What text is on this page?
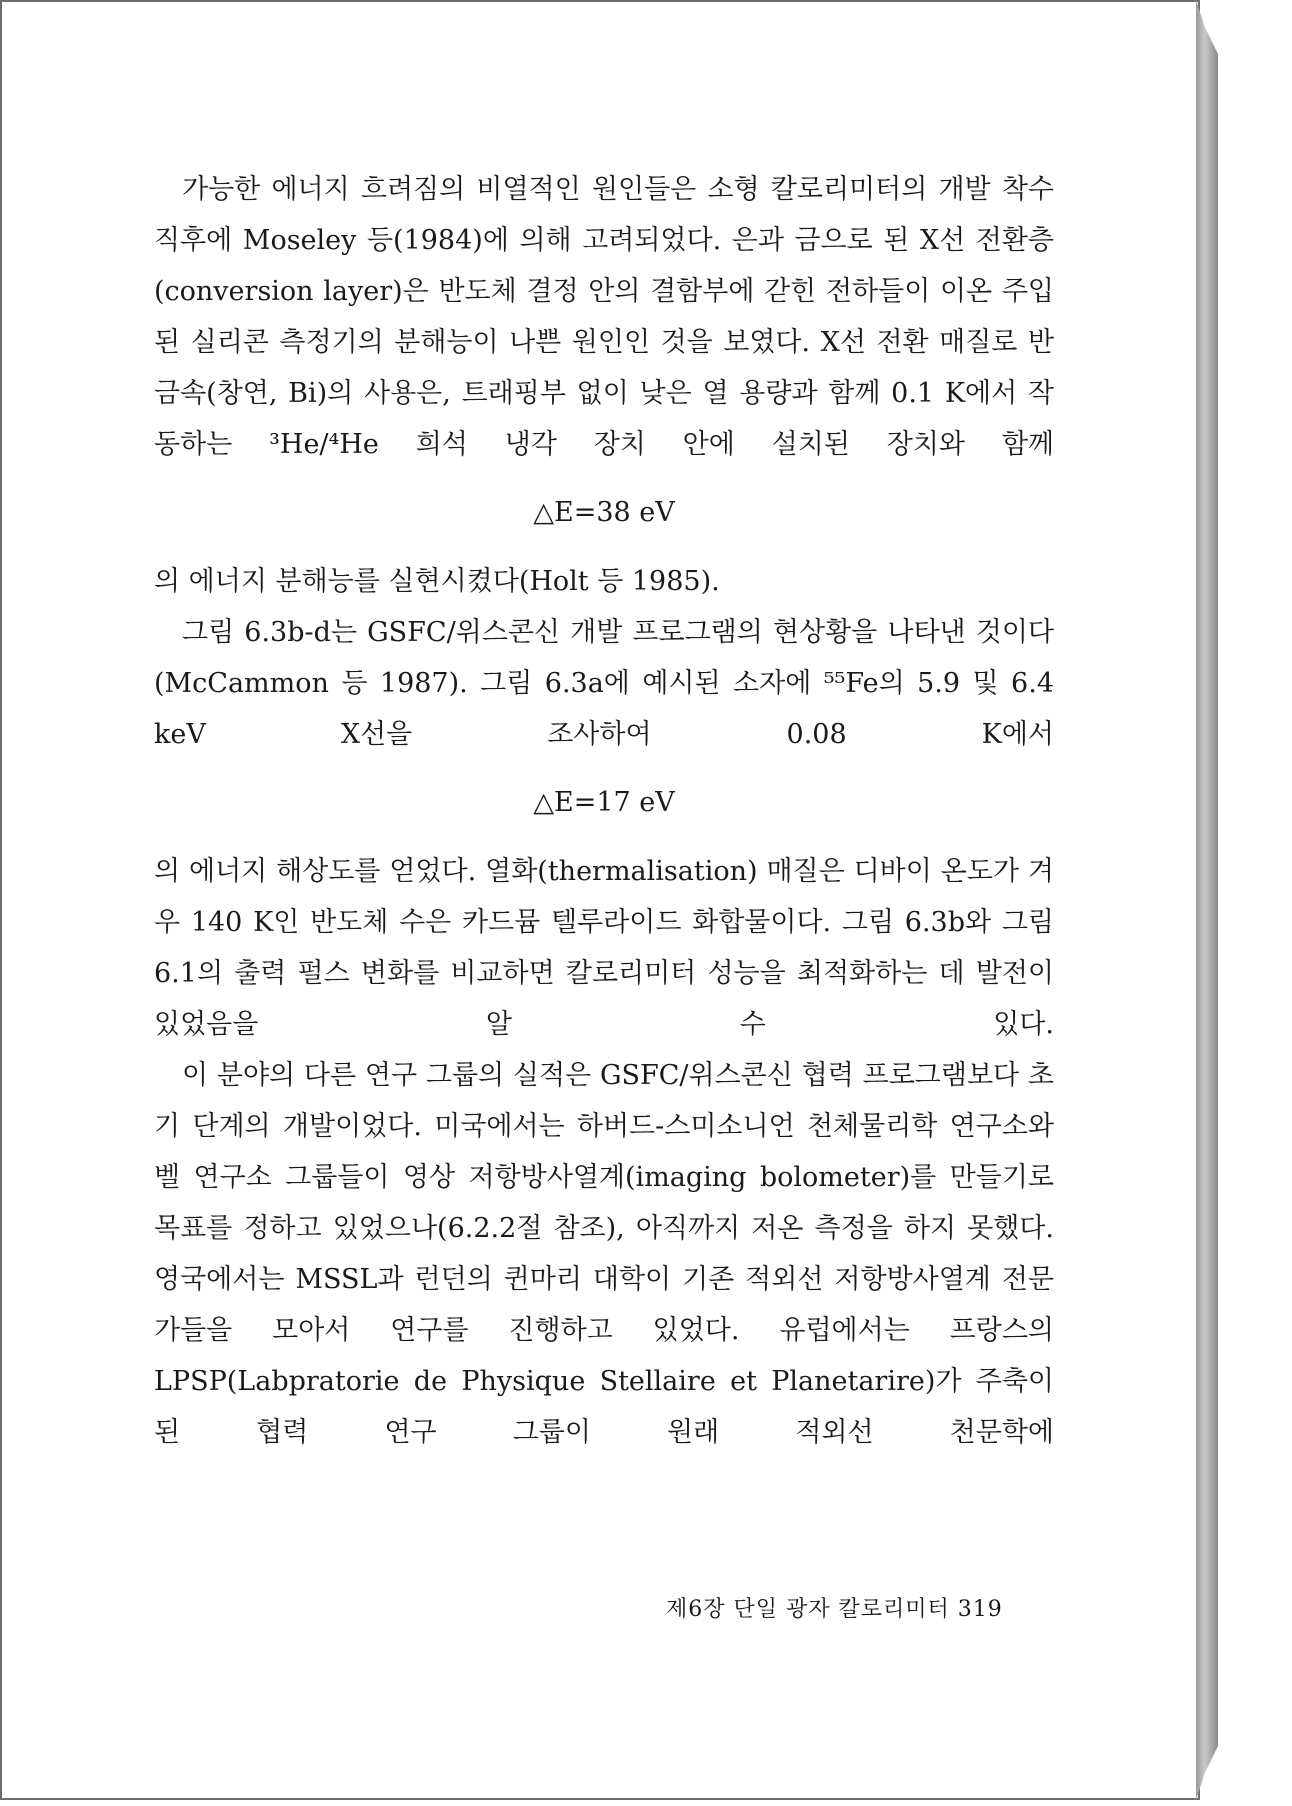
가능한 에너지 흐려짐의 비열적인 원인들은 소형 칼로리미터의 개발 착수 직후에 Moseley 등(1984)에 의해 고려되었다. 은과 금으로 된 X선 전환층(conversion layer)은 반도체 결정 안의 결함부에 갇힌 전하들이 이온 주입된 실리콘 측정기의 분해능이 나쁜 원인인 것을 보였다. X선 전환 매질로 반금속(창연, Bi)의 사용은, 트래핑부 없이 낮은 열 용량과 함께 0.1 K에서 작동하는 ³He/⁴He 희석 냉각 장치 안에 설치된 장치와 함께

△E=38 eV

의 에너지 분해능를 실현시켰다(Holt 등 1985).

그림 6.3b-d는 GSFC/위스콘신 개발 프로그램의 현상황을 나타낸 것이다(McCammon 등 1987). 그림 6.3a에 예시된 소자에 ⁵⁵Fe의 5.9 및 6.4 keV X선을 조사하여 0.08 K에서

△E=17 eV

의 에너지 해상도를 얻었다. 열화(thermalisation) 매질은 디바이 온도가 겨우 140 K인 반도체 수은 카드뮴 텔루라이드 화합물이다. 그림 6.3b와 그림 6.1의 출력 펄스 변화를 비교하면 칼로리미터 성능을 최적화하는 데 발전이 있었음을 알 수 있다.

이 분야의 다른 연구 그룹의 실적은 GSFC/위스콘신 협력 프로그램보다 초기 단계의 개발이었다. 미국에서는 하버드-스미소니언 천체물리학 연구소와 벨 연구소 그룹들이 영상 저항방사열계(imaging bolometer)를 만들기로 목표를 정하고 있었으나(6.2.2절 참조), 아직까지 저온 측정을 하지 못했다. 영국에서는 MSSL과 런던의 퀸마리 대학이 기존 적외선 저항방사열계 전문가들을 모아서 연구를 진행하고 있었다. 유럽에서는 프랑스의 LPSP(Labpratorie de Physique Stellaire et Planetarire)가 주축이 된 협력 연구 그룹이 원래 적외선 천문학에

제6장 단일 광자 칼로리미터 319
